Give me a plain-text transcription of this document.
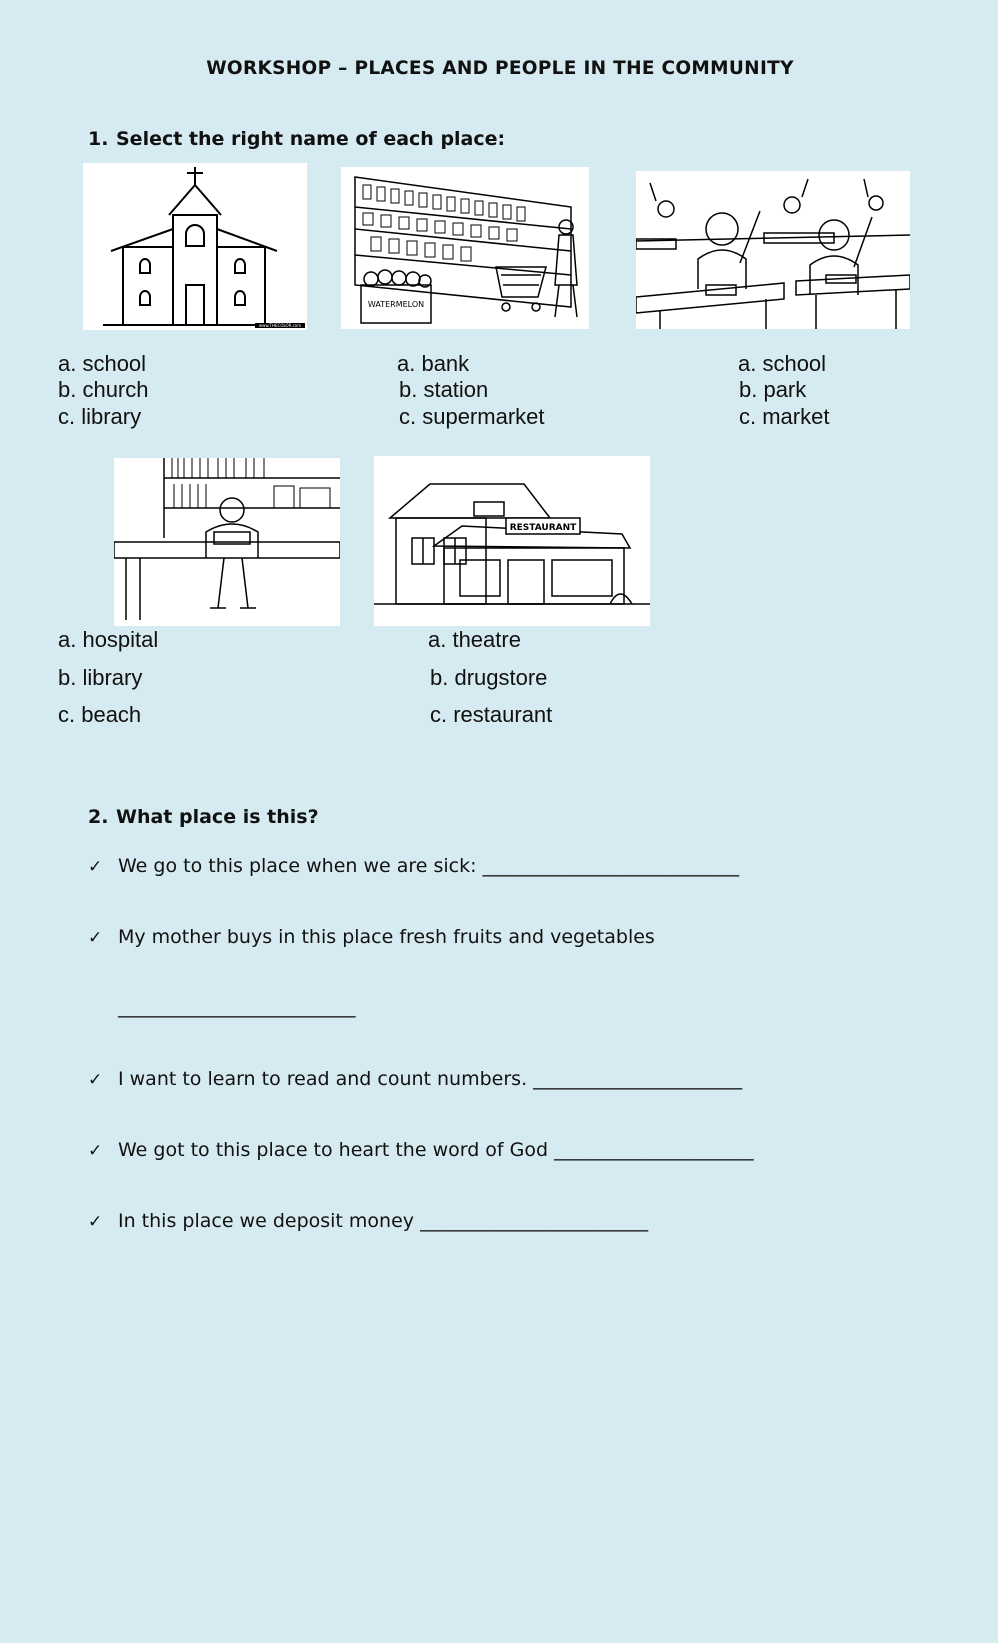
WORKSHOP – PLACES AND PEOPLE IN THE COMMUNITY
1. Select the right name of each place:
www.THECOLOR.com
WATERMELON
a. school
b. church
c. library
a. bank
b. station
c. supermarket
a. school
b. park
c. market
RESTAURANT
a. hospital
b. library
c. beach
a. theatre
b. drugstore
c. restaurant
2. What place is this?
✓ We go to this place when we are sick: ___________________________
✓ My mother buys in this place fresh fruits and vegetables
_________________________
✓ I want to learn to read and count numbers. ______________________
✓ We got to this place to heart the word of God _____________________
✓ In this place we deposit money ________________________
